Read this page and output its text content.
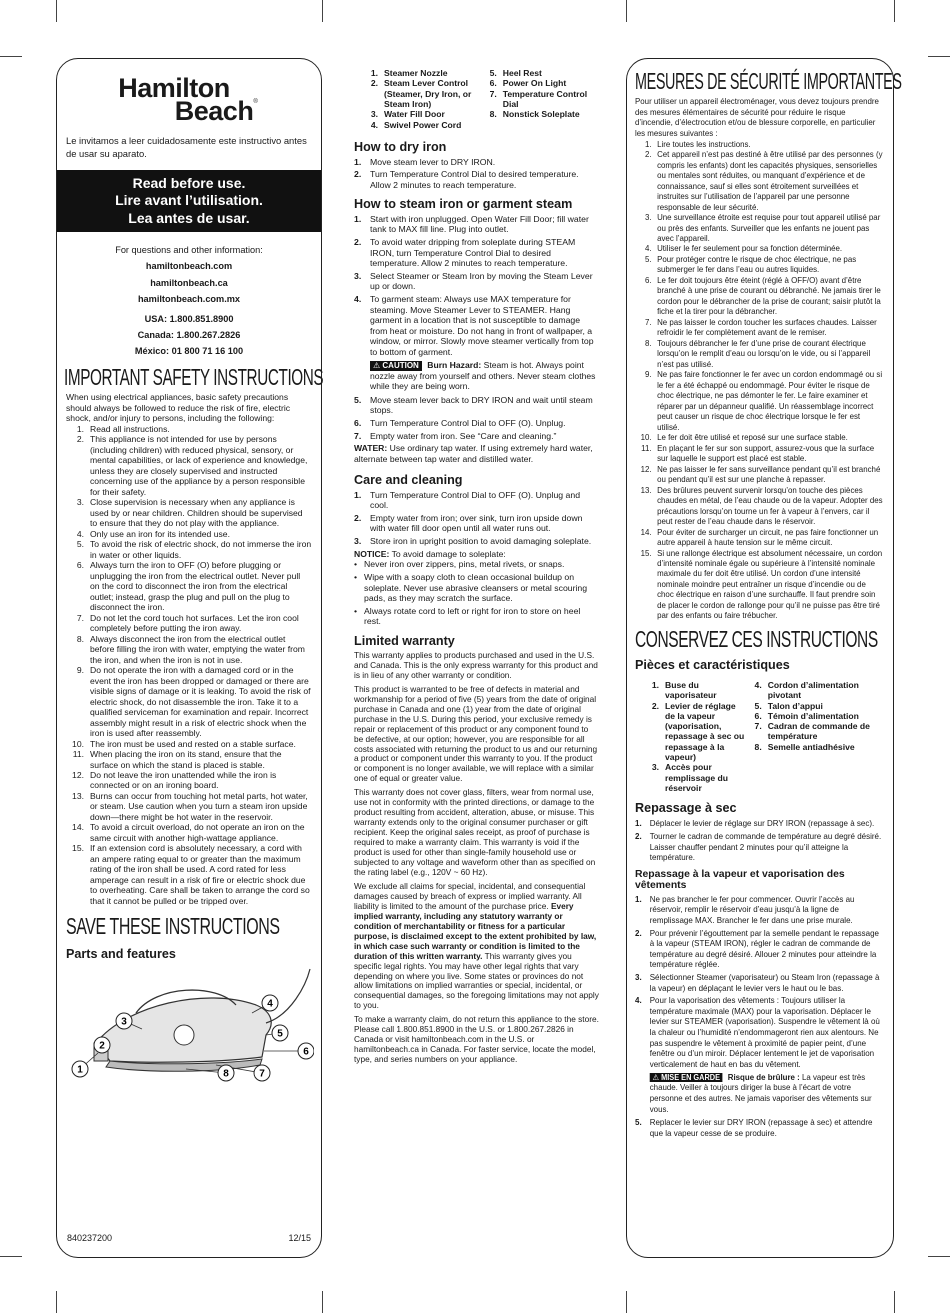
Hamilton
Beach®

Le invitamos a leer cuidadosamente este instructivo antes de usar su aparato.

Read before use.
Lire avant l’utilisation.
Lea antes de usar.
For questions and other information:
hamiltonbeach.com
hamiltonbeach.ca
hamiltonbeach.com.mx
USA: 1.800.851.8900
Canada: 1.800.267.2826
México: 01 800 71 16 100
IMPORTANT SAFETY INSTRUCTIONS

When using electrical appliances, basic safety precautions should always be followed to reduce the risk of fire, electric shock, and/or injury to persons, including the following:

1. Read all instructions.
2. This appliance is not intended for use by persons (including children) with reduced physical, sensory, or mental capabilities, or lack of experience and knowledge, unless they are closely supervised and instructed concerning use of the appliance by a person responsible for their safety.
3. Close supervision is necessary when any appliance is used by or near children. Children should be supervised to ensure that they do not play with the appliance.
4. Only use an iron for its intended use.
5. To avoid the risk of electric shock, do not immerse the iron in water or other liquids.
6. Always turn the iron to OFF (O) before plugging or unplugging the iron from the electrical outlet. Never pull on the cord to disconnect the iron from the electrical outlet; instead, grasp the plug and pull on the plug to disconnect the iron.
7. Do not let the cord touch hot surfaces. Let the iron cool completely before putting the iron away.
8. Always disconnect the iron from the electrical outlet before filling the iron with water, emptying the water from the iron, and when the iron is not in use.
9. Do not operate the iron with a damaged cord or in the event the iron has been dropped or damaged or there are visible signs of damage or it is leaking. To avoid the risk of electric shock, do not disassemble the iron. Take it to a qualified serviceman for examination and repair. Incorrect assembly might result in a risk of electric shock when the iron is used after reassembly.
10. The iron must be used and rested on a stable surface.
11. When placing the iron on its stand, ensure that the surface on which the stand is placed is stable.
12. Do not leave the iron unattended while the iron is connected or on an ironing board.
13. Burns can occur from touching hot metal parts, hot water, or steam. Use caution when you turn a steam iron upside down—there might be hot water in the reservoir.
14. To avoid a circuit overload, do not operate an iron on the same circuit with another high-wattage appliance.
15. If an extension cord is absolutely necessary, a cord with an ampere rating equal to or greater than the maximum rating of the iron shall be used. A cord rated for less amperage can result in a risk of fire or electric shock due to overheating. Care shall be taken to arrange the cord so that it cannot be pulled or be tripped over.
SAVE THESE INSTRUCTIONS
Parts and features
1
2
3
4
5
6
7
8
840237200	12/15
1. Steamer Nozzle
2. Steam Lever Control (Steamer, Dry Iron, or Steam Iron)
3. Water Fill Door
4. Swivel Power Cord
5. Heel Rest
6. Power On Light
7. Temperature Control Dial
8. Nonstick Soleplate
How to dry iron
1.	Move steam lever to DRY IRON.
2.	Turn Temperature Control Dial to desired temperature. Allow 2 minutes to reach temperature.
How to steam iron or garment steam
1.	Start with iron unplugged. Open Water Fill Door; fill water tank to MAX fill line. Plug into outlet.
2.	To avoid water dripping from soleplate during STEAM IRON, turn Temperature Control Dial to desired temperature. Allow 2 minutes to reach temperature.
3.	Select Steamer or Steam Iron by moving the Steam Lever up or down.
4.	To garment steam: Always use MAX temperature for steaming. Move Steamer Lever to STEAMER. Hang garment in a location that is not susceptible to damage from heat or moisture. Do not hang in front of wallpaper, a window, or mirror. Slowly move steamer vertically from top to bottom of garment.
⚠ CAUTION Burn Hazard: Steam is hot. Always point nozzle away from yourself and others. Never steam clothes while they are being worn.
5.	Move steam lever back to DRY IRON and wait until steam stops.
6.	Turn Temperature Control Dial to OFF (O). Unplug.
7.	Empty water from iron. See “Care and cleaning.”

WATER: Use ordinary tap water. If using extremely hard water, alternate between tap water and distilled water.

Care and cleaning
1.	Turn Temperature Control Dial to OFF (O). Unplug and cool.
2.	Empty water from iron; over sink, turn iron upside down with water fill door open until all water runs out.
3.	Store iron in upright position to avoid damaging soleplate.

NOTICE: To avoid damage to soleplate:

• Never iron over zippers, pins, metal rivets, or snaps.
• Wipe with a soapy cloth to clean occasional buildup on soleplate. Never use abrasive cleansers or metal scouring pads, as they may scratch the surface.
• Always rotate cord to left or right for iron to store on heel rest.
Limited warranty

This warranty applies to products purchased and used in the U.S. and Canada. This is the only express warranty for this product and is in lieu of any other warranty or condition.

This product is warranted to be free of defects in material and workmanship for a period of five (5) years from the date of original purchase in Canada and one (1) year from the date of original purchase in the U.S. During this period, your exclusive remedy is repair or replacement of this product or any component found to be defective, at our option; however, you are responsible for all costs associated with returning the product to us and our returning a product or component under this warranty to you. If the product or component is no longer available, we will replace with a similar one of equal or greater value.

This warranty does not cover glass, filters, wear from normal use, use not in conformity with the printed directions, or damage to the product resulting from accident, alteration, abuse, or misuse. This warranty extends only to the original consumer purchaser or gift recipient. Keep the original sales receipt, as proof of purchase is required to make a warranty claim. This warranty is void if the product is used for other than single-family household use or subjected to any voltage and waveform other than as specified on the rating label (e.g., 120V ~ 60 Hz).

We exclude all claims for special, incidental, and consequential damages caused by breach of express or implied warranty. All liability is limited to the amount of the purchase price. Every implied warranty, including any statutory warranty or condition of merchantability or fitness for a particular purpose, is disclaimed except to the extent prohibited by law, in which case such warranty or condition is limited to the duration of this written warranty. This warranty gives you specific legal rights. You may have other legal rights that vary depending on where you live. Some states or provinces do not allow limitations on implied warranties or special, incidental, or consequential damages, so the foregoing limitations may not apply to you.

To make a warranty claim, do not return this appliance to the store. Please call 1.800.851.8900 in the U.S. or 1.800.267.2826 in Canada or visit hamiltonbeach.com in the U.S. or hamiltonbeach.ca in Canada. For faster service, locate the model, type, and series numbers on your appliance.

MESURES DE SÉCURITÉ IMPORTANTES

Pour utiliser un appareil électroménager, vous devez toujours prendre des mesures élémentaires de sécurité pour réduire le risque d’incendie, d’électrocution et/ou de blessure corporelle, en particulier les mesures suivantes :

1. Lire toutes les instructions.
2. Cet appareil n’est pas destiné à être utilisé par des personnes (y compris les enfants) dont les capacités physiques, sensorielles ou mentales sont réduites, ou manquant d’expérience et de connaissance, sauf si elles sont étroitement surveillées et instruites sur l’utilisation de l’appareil par une personne responsable de leur sécurité.
3. Une surveillance étroite est requise pour tout appareil utilisé par ou près des enfants. Surveiller que les enfants ne jouent pas avec l’appareil.
4. Utiliser le fer seulement pour sa fonction déterminée.
5. Pour protéger contre le risque de choc électrique, ne pas submerger le fer dans l’eau ou autres liquides.
6. Le fer doit toujours être éteint (réglé à OFF/O) avant d’être branché à une prise de courant ou débranché. Ne jamais tirer le cordon pour le débrancher de la prise de courant; saisir plutôt la fiche et la tirer pour la débrancher.
7. Ne pas laisser le cordon toucher les surfaces chaudes. Laisser refroidir le fer complètement avant de le remiser.
8. Toujours débrancher le fer d’une prise de courant électrique lorsqu’on le remplit d’eau ou lorsqu’on le vide, ou si l’appareil n’est pas utilisé.
9. Ne pas faire fonctionner le fer avec un cordon endommagé ou si le fer a été échappé ou endommagé. Pour éviter le risque de choc électrique, ne pas démonter le fer. Le faire examiner et réparer par un dépanneur qualifié. Un réassemblage incorrect peut causer un risque de choc électrique lorsque le fer est utilisé.
10. Le fer doit être utilisé et reposé sur une surface stable.
11. En plaçant le fer sur son support, assurez-vous que la surface sur laquelle le support est placé est stable.
12. Ne pas laisser le fer sans surveillance pendant qu’il est branché ou pendant qu’il est sur une planche à repasser.
13. Des brûlures peuvent survenir lorsqu’on touche des pièces chaudes en métal, de l’eau chaude ou de la vapeur. Adopter des précautions lorsqu’on tourne un fer à vapeur à l’envers, car il peut rester de l’eau chaude dans le réservoir.
14. Pour éviter de surcharger un circuit, ne pas faire fonctionner un autre appareil à haute tension sur le même circuit.
15. Si une rallonge électrique est absolument nécessaire, un cordon d’intensité nominale égale ou supérieure à l’intensité nominale maximale du fer doit être utilisé. Un cordon d’une intensité nominale moindre peut entraîner un risque d’incendie ou de choc électrique en raison d’une surchauffe. Il faut prendre soin de placer le cordon de rallonge pour qu’il ne puisse pas être tiré par des enfants ou faire trébucher.
CONSERVEZ CES INSTRUCTIONS
Pièces et caractéristiques
1. Buse du vaporisateur
2. Levier de réglage de la vapeur (vaporisation, repassage à sec ou repassage à la vapeur)
3. Accès pour remplissage du réservoir
4. Cordon d’alimentation pivotant
5. Talon d’appui
6. Témoin d’alimentation
7. Cadran de commande de température
8. Semelle antiadhésive
Repassage à sec
1. Déplacer le levier de réglage sur DRY IRON (repassage à sec).
2. Tourner le cadran de commande de température au degré désiré. Laisser chauffer pendant 2 minutes pour qu’il atteigne la température.
Repassage à la vapeur et vaporisation des vêtements
1. Ne pas brancher le fer pour commencer. Ouvrir l’accès au réservoir, remplir le réservoir d’eau jusqu’à la ligne de remplissage MAX. Brancher le fer dans une prise murale.
2. Pour prévenir l’égouttement par la semelle pendant le repassage à la vapeur (STEAM IRON), régler le cadran de commande de température au degré désiré. Allouer 2 minutes pour atteindre la température réglée.
3. Sélectionner Steamer (vaporisateur) ou Steam Iron (repassage à la vapeur) en déplaçant le levier vers le haut ou le bas.
4. Pour la vaporisation des vêtements : Toujours utiliser la température maximale (MAX) pour la vaporisation. Déplacer le levier sur STEAMER (vaporisation). Suspendre le vêtement là où la chaleur ou l’humidité n’endommageront rien aux alentours. Ne pas suspendre le vêtement à proximité de papier peint, d’une fenêtre ou d’un miroir. Déplacer lentement le jet de vaporisation verticalement de haut en bas du vêtement.
⚠ MISE EN GARDE Risque de brûlure : La vapeur est très chaude. Veiller à toujours diriger la buse à l’écart de votre personne et des autres. Ne jamais vaporiser des vêtements sur vous.
5. Replacer le levier sur DRY IRON (repassage à sec) et attendre que la vapeur cesse de se produire.
